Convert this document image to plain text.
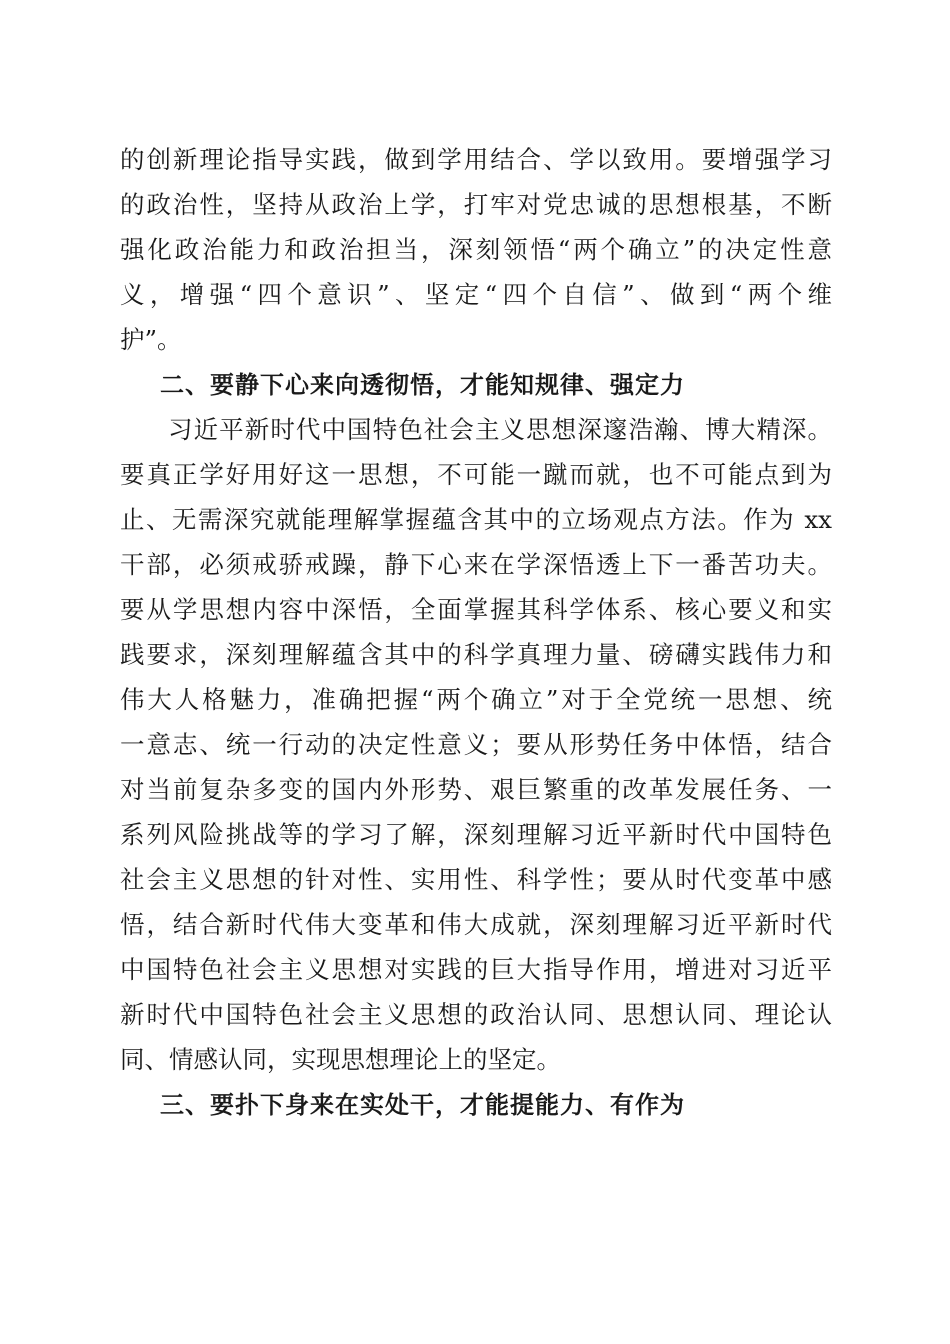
的创新理论指导实践，做到学用结合、学以致用。要增强学习
的政治性，坚持从政治上学，打牢对党忠诚的思想根基，不断
强化政治能力和政治担当，深刻领悟“两个确立”的决定性意
义，增强“四个意识”、坚定“四个自信”、做到“两个维
护”。
二、要静下心来向透彻悟，才能知规律、强定力
习近平新时代中国特色社会主义思想深邃浩瀚、博大精深。
要真正学好用好这一思想，不可能一蹴而就，也不可能点到为
止、无需深究就能理解掌握蕴含其中的立场观点方法。作为 xx
干部，必须戒骄戒躁，静下心来在学深悟透上下一番苦功夫。
要从学思想内容中深悟，全面掌握其科学体系、核心要义和实
践要求，深刻理解蕴含其中的科学真理力量、磅礴实践伟力和
伟大人格魅力，准确把握“两个确立”对于全党统一思想、统
一意志、统一行动的决定性意义；要从形势任务中体悟，结合
对当前复杂多变的国内外形势、艰巨繁重的改革发展任务、一
系列风险挑战等的学习了解，深刻理解习近平新时代中国特色
社会主义思想的针对性、实用性、科学性；要从时代变革中感
悟，结合新时代伟大变革和伟大成就，深刻理解习近平新时代
中国特色社会主义思想对实践的巨大指导作用，增进对习近平
新时代中国特色社会主义思想的政治认同、思想认同、理论认
同、情感认同，实现思想理论上的坚定。
三、要扑下身来在实处干，才能提能力、有作为
